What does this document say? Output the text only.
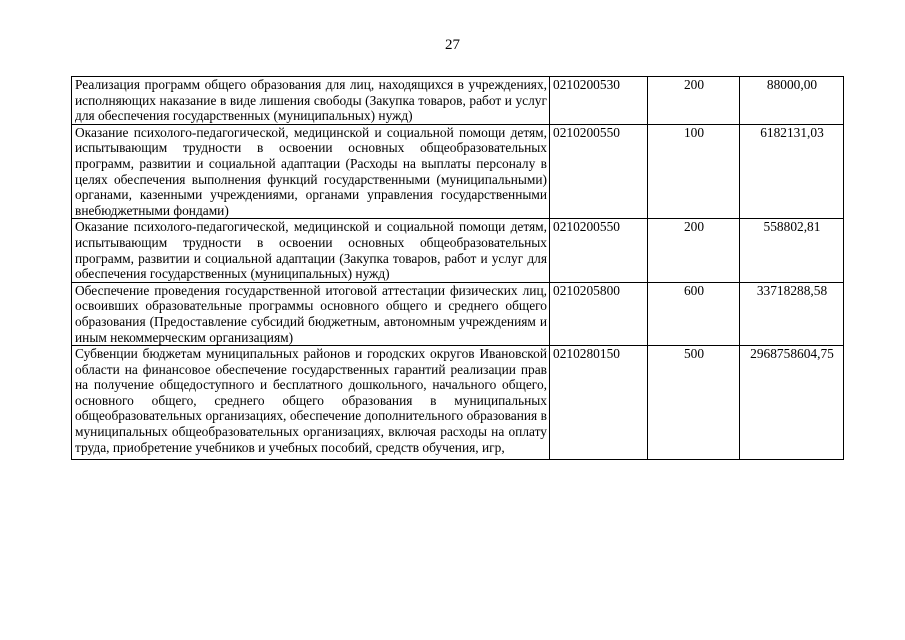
27
Реализация программ общего образования для лиц, находящихся в учреждениях, исполняющих наказание в виде лишения свободы (Закупка товаров, работ и услуг для обеспечения государственных (муниципальных) нужд)	0210200530	200	88000,00
Оказание психолого-педагогической, медицинской и социальной помощи детям, испытывающим трудности в освоении основных общеобразовательных программ, развитии и социальной адаптации (Расходы на выплаты персоналу в целях обеспечения выполнения функций государственными (муниципальными) органами, казенными учреждениями, органами управления государственными внебюджетными фондами)	0210200550	100	6182131,03
Оказание психолого-педагогической, медицинской и социальной помощи детям, испытывающим трудности в освоении основных общеобразовательных программ, развитии и социальной адаптации (Закупка товаров, работ и услуг для обеспечения государственных (муниципальных) нужд)	0210200550	200	558802,81
Обеспечение проведения государственной итоговой аттестации физических лиц, освоивших образовательные программы основного общего и среднего общего образования (Предоставление субсидий бюджетным, автономным учреждениям и иным некоммерческим организациям)	0210205800	600	33718288,58

Субвенции бюджетам муниципальных районов и городских округов Ивановской области на финансовое обеспечение государственных гарантий реализации прав на получение общедоступного и бесплатного дошкольного, начального общего, основного общего, среднего общего образования в муниципальных общеобразовательных организациях, обеспечение дополнительного образования в муниципальных общеобразовательных организациях, включая расходы на оплату труда, приобретение учебников и учебных пособий, средств обучения, игр,	0210280150	500	2968758604,75
